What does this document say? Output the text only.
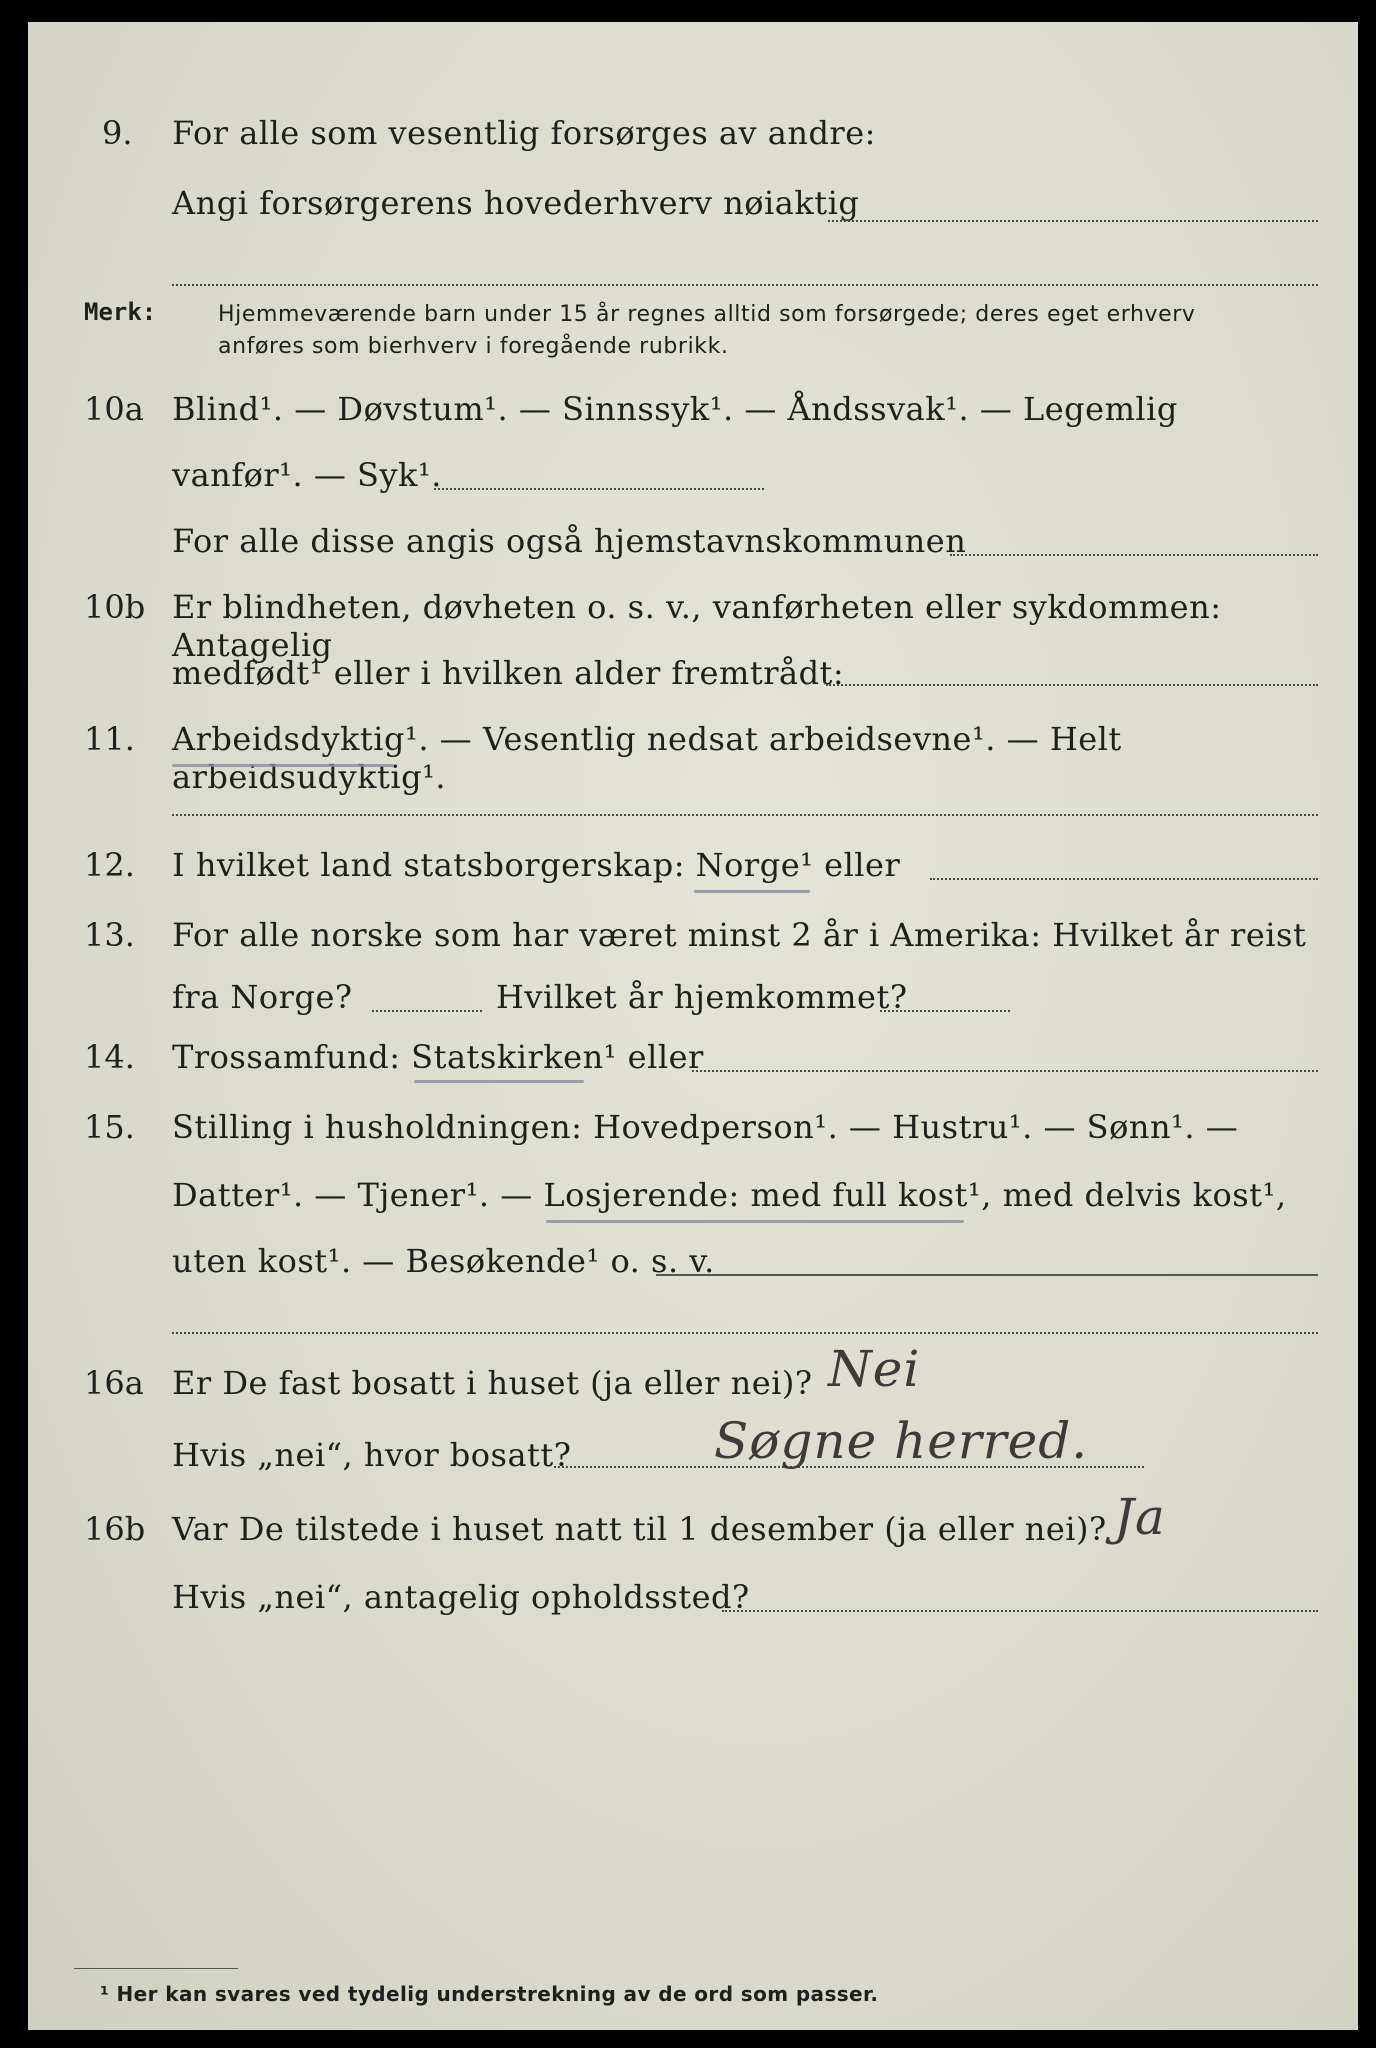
9. For alle som vesentlig forsørges av andre:
Angi forsørgerens hovederhverv nøiaktig
Merk:	Hjemmeværende barn under 15 år regnes alltid som forsørgede; deres eget erhverv
anføres som bierhverv i foregående rubrikk.
10a Blind¹. — Døvstum¹. — Sinnssyk¹. — Åndssvak¹. — Legemlig
vanfør¹. — Syk¹.
For alle disse angis også hjemstavnskommunen
10b Er blindheten, døvheten o. s. v., vanførheten eller sykdommen: Antagelig
medfødt¹ eller i hvilken alder fremtrådt:
11. Arbeidsdyktig¹. — Vesentlig nedsat arbeidsevne¹. — Helt arbeidsudyktig¹.
12. I hvilket land statsborgerskap: Norge¹ eller
13. For alle norske som har været minst 2 år i Amerika: Hvilket år reist
fra Norge?	Hvilket år hjemkommet?
14. Trossamfund: Statskirken¹ eller
15. Stilling i husholdningen: Hovedperson¹. — Hustru¹. — Sønn¹. —
Datter¹. — Tjener¹. — Losjerende: med full kost¹, med delvis kost¹,
uten kost¹. — Besøkende¹ o. s. v.
16a Er De fast bosatt i huset (ja eller nei)? Nei
Hvis „nei“, hvor bosatt?	Søgne herred.
16b Var De tilstede i huset natt til 1 desember (ja eller nei)? Ja
Hvis „nei“, antagelig opholdssted?
¹ Her kan svares ved tydelig understrekning av de ord som passer.
